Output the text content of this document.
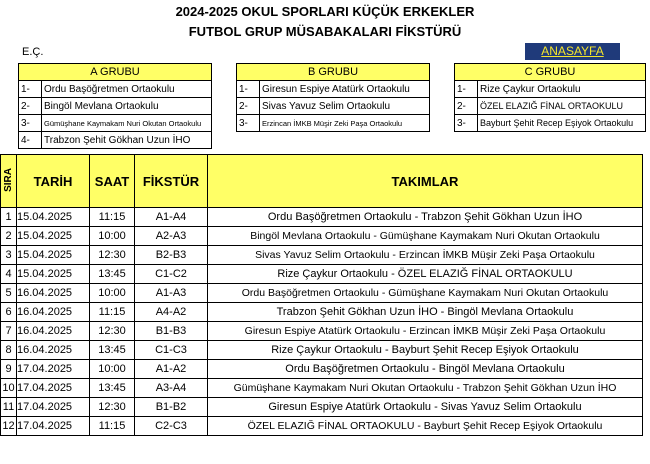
2024-2025 OKUL SPORLARI KÜÇÜK ERKEKLER
FUTBOL GRUP MÜSABAKALARI FİKSTÜRÜ
E.Ç.	ANASAYFA
A GRUBU	
1-	Ordu Başöğretmen Ortaokulu
2-	Bingöl Mevlana Ortaokulu
3-	Gümüşhane Kaymakam Nuri Okutan Ortaokulu
4-	Trabzon Şehit Gökhan Uzun İHO
B GRUBU	
1-	Giresun Espiye Atatürk Ortaokulu
2-	Sivas Yavuz Selim Ortaokulu
3-	Erzincan İMKB Müşir Zeki Paşa Ortaokulu
C GRUBU	
1-	Rize Çaykur Ortaokulu
2-	ÖZEL ELAZIĞ FİNAL ORTAOKULU
3-	Bayburt Şehit Recep Eşiyok Ortaokulu
SIRA	TARİH	SAAT	FİKSTÜR	TAKIMLAR
1	15.04.2025	11:15	A1-A4	Ordu Başöğretmen Ortaokulu - Trabzon Şehit Gökhan Uzun İHO
2	15.04.2025	10:00	A2-A3	Bingöl Mevlana Ortaokulu - Gümüşhane Kaymakam Nuri Okutan Ortaokulu
3	15.04.2025	12:30	B2-B3	Sivas Yavuz Selim Ortaokulu - Erzincan İMKB Müşir Zeki Paşa Ortaokulu
4	15.04.2025	13:45	C1-C2	Rize Çaykur Ortaokulu - ÖZEL ELAZIĞ FİNAL ORTAOKULU
5	16.04.2025	10:00	A1-A3	Ordu Başöğretmen Ortaokulu - Gümüşhane Kaymakam Nuri Okutan Ortaokulu
6	16.04.2025	11:15	A4-A2	Trabzon Şehit Gökhan Uzun İHO - Bingöl Mevlana Ortaokulu
7	16.04.2025	12:30	B1-B3	Giresun Espiye Atatürk Ortaokulu - Erzincan İMKB Müşir Zeki Paşa Ortaokulu
8	16.04.2025	13:45	C1-C3	Rize Çaykur Ortaokulu - Bayburt Şehit Recep Eşiyok Ortaokulu
9	17.04.2025	10:00	A1-A2	Ordu Başöğretmen Ortaokulu - Bingöl Mevlana Ortaokulu
10	17.04.2025	13:45	A3-A4	Gümüşhane Kaymakam Nuri Okutan Ortaokulu - Trabzon Şehit Gökhan Uzun İHO
11	17.04.2025	12:30	B1-B2	Giresun Espiye Atatürk Ortaokulu - Sivas Yavuz Selim Ortaokulu
12	17.04.2025	11:15	C2-C3	ÖZEL ELAZIĞ FİNAL ORTAOKULU - Bayburt Şehit Recep Eşiyok Ortaokulu
